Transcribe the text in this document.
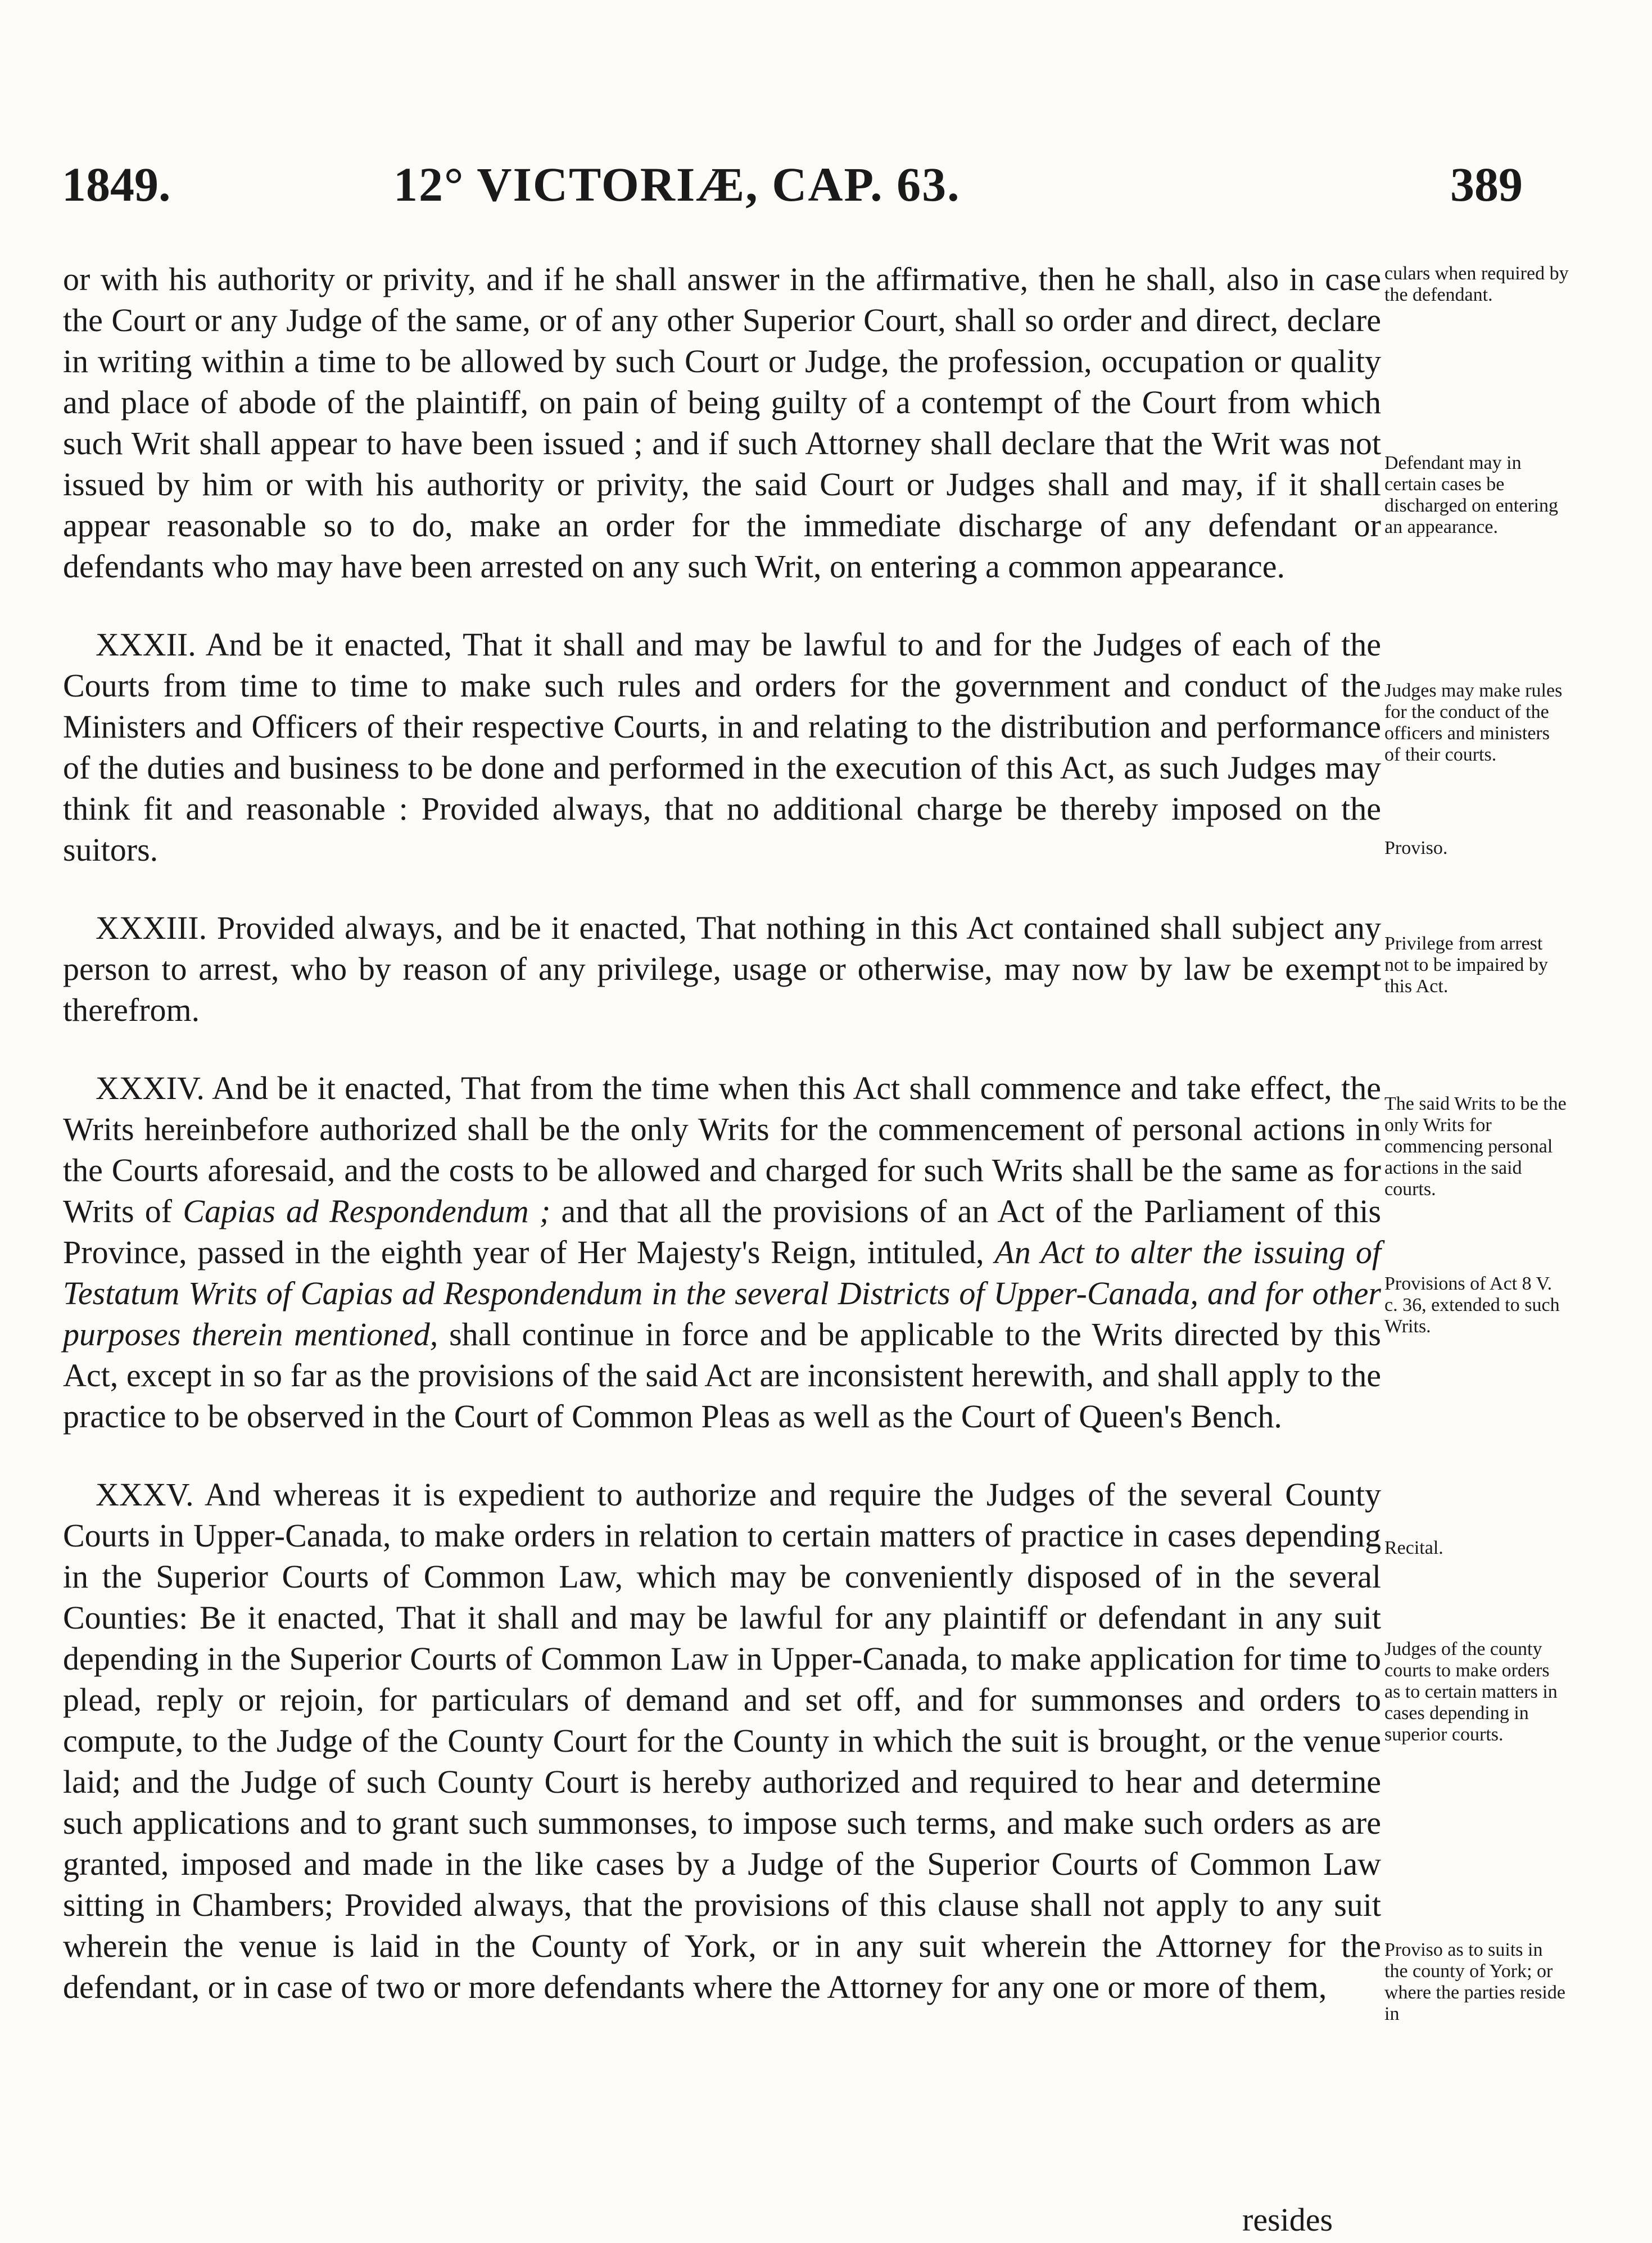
1849.	12° VICTORIÆ, CAP. 63.	389

or with his authority or privity, and if he shall answer in the affirmative, then he shall, also in case the Court or any Judge of the same, or of any other Superior Court, shall so order and direct, declare in writing within a time to be allowed by such Court or Judge, the profession, occupation or quality and place of abode of the plaintiff, on pain of being guilty of a contempt of the Court from which such Writ shall appear to have been issued ; and if such Attorney shall declare that the Writ was not issued by him or with his authority or privity, the said Court or Judges shall and may, if it shall appear reasonable so to do, make an order for the immediate discharge of any defendant or defendants who may have been arrested on any such Writ, on entering a common appearance.

XXXII. And be it enacted, That it shall and may be lawful to and for the Judges of each of the Courts from time to time to make such rules and orders for the government and conduct of the Ministers and Officers of their respective Courts, in and relating to the distribution and performance of the duties and business to be done and performed in the execution of this Act, as such Judges may think fit and reasonable : Provided always, that no additional charge be thereby imposed on the suitors.

XXXIII. Provided always, and be it enacted, That nothing in this Act contained shall subject any person to arrest, who by reason of any privilege, usage or otherwise, may now by law be exempt therefrom.

XXXIV. And be it enacted, That from the time when this Act shall commence and take effect, the Writs hereinbefore authorized shall be the only Writs for the commencement of personal actions in the Courts aforesaid, and the costs to be allowed and charged for such Writs shall be the same as for Writs of Capias ad Respondendum ; and that all the provisions of an Act of the Parliament of this Province, passed in the eighth year of Her Majesty's Reign, intituled, An Act to alter the issuing of Testatum Writs of Capias ad Respondendum in the several Districts of Upper-Canada, and for other purposes therein mentioned, shall continue in force and be applicable to the Writs directed by this Act, except in so far as the provisions of the said Act are inconsistent herewith, and shall apply to the practice to be observed in the Court of Common Pleas as well as the Court of Queen's Bench.

XXXV. And whereas it is expedient to authorize and require the Judges of the several County Courts in Upper-Canada, to make orders in relation to certain matters of practice in cases depending in the Superior Courts of Common Law, which may be conveniently disposed of in the several Counties: Be it enacted, That it shall and may be lawful for any plaintiff or defendant in any suit depending in the Superior Courts of Common Law in Upper-Canada, to make application for time to plead, reply or rejoin, for particulars of demand and set off, and for summonses and orders to compute, to the Judge of the County Court for the County in which the suit is brought, or the venue laid; and the Judge of such County Court is hereby authorized and required to hear and determine such applications and to grant such summonses, to impose such terms, and make such orders as are granted, imposed and made in the like cases by a Judge of the Superior Courts of Common Law sitting in Chambers; Provided always, that the provisions of this clause shall not apply to any suit wherein the venue is laid in the County of York, or in any suit wherein the Attorney for the defendant, or in case of two or more defendants where the Attorney for any one or more of them,

resides
culars when required by the defendant.
Defendant may in certain cases be discharged on entering an appearance.
Judges may make rules for the conduct of the officers and ministers of their courts.
Proviso.
Privilege from arrest not to be impaired by this Act.
The said Writs to be the only Writs for commencing personal actions in the said courts.
Provisions of Act 8 V. c. 36, extended to such Writs.
Recital.
Judges of the county courts to make orders as to certain matters in cases depending in superior courts.
Proviso as to suits in the county of York; or where the parties reside in
